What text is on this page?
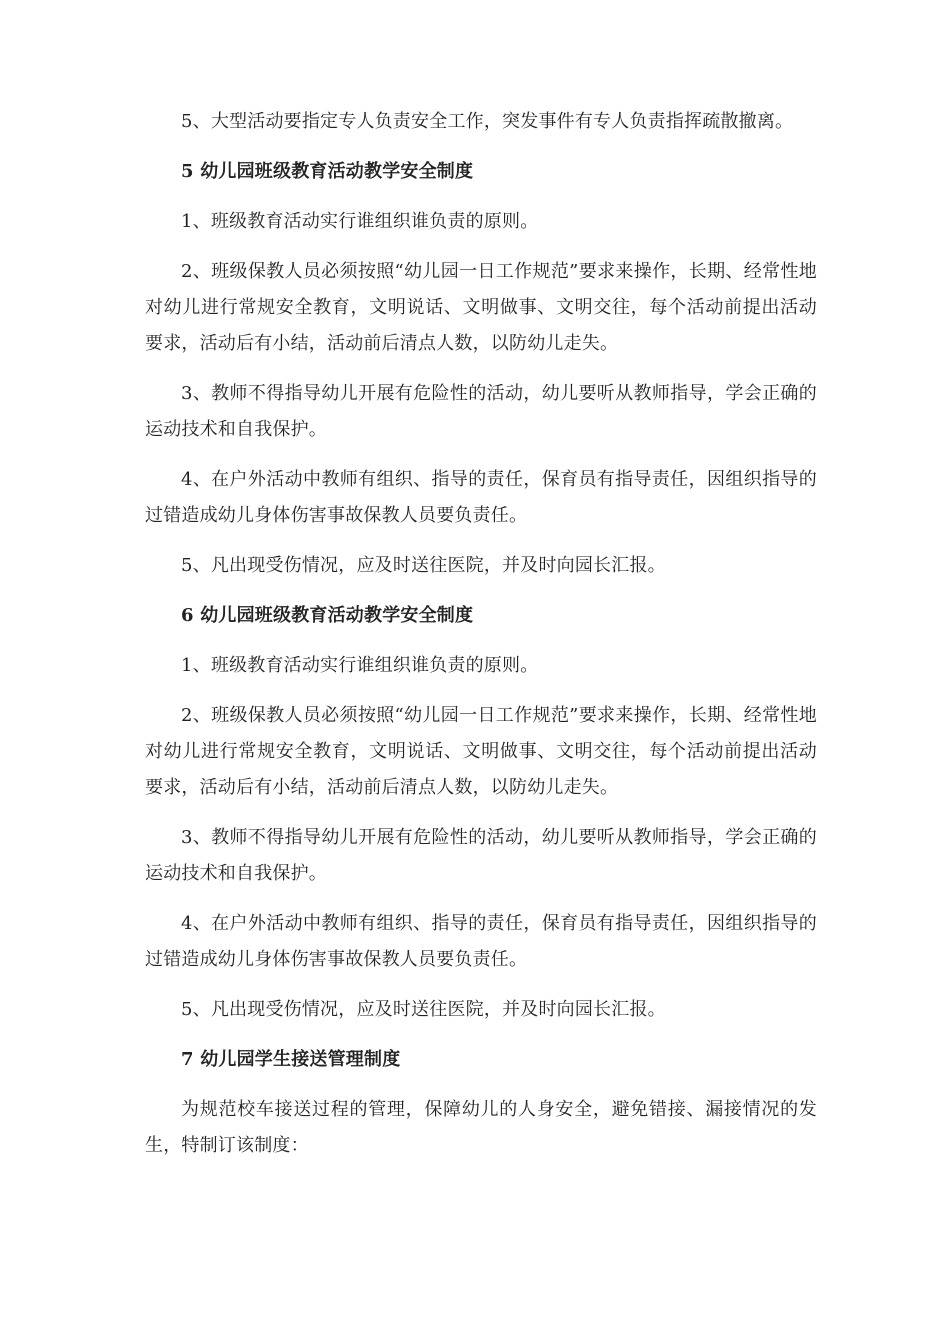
5、大型活动要指定专人负责安全工作，突发事件有专人负责指挥疏散撤离。

5 幼儿园班级教育活动教学安全制度

1、班级教育活动实行谁组织谁负责的原则。

2、班级保教人员必须按照“幼儿园一日工作规范”要求来操作，长期、经常性地对幼儿进行常规安全教育，文明说话、文明做事、文明交往，每个活动前提出活动要求，活动后有小结，活动前后清点人数，以防幼儿走失。

3、教师不得指导幼儿开展有危险性的活动，幼儿要听从教师指导，学会正确的运动技术和自我保护。

4、在户外活动中教师有组织、指导的责任，保育员有指导责任，因组织指导的过错造成幼儿身体伤害事故保教人员要负责任。

5、凡出现受伤情况，应及时送往医院，并及时向园长汇报。

6 幼儿园班级教育活动教学安全制度

1、班级教育活动实行谁组织谁负责的原则。

2、班级保教人员必须按照“幼儿园一日工作规范”要求来操作，长期、经常性地对幼儿进行常规安全教育，文明说话、文明做事、文明交往，每个活动前提出活动要求，活动后有小结，活动前后清点人数，以防幼儿走失。

3、教师不得指导幼儿开展有危险性的活动，幼儿要听从教师指导，学会正确的运动技术和自我保护。

4、在户外活动中教师有组织、指导的责任，保育员有指导责任，因组织指导的过错造成幼儿身体伤害事故保教人员要负责任。

5、凡出现受伤情况，应及时送往医院，并及时向园长汇报。

7 幼儿园学生接送管理制度

为规范校车接送过程的管理，保障幼儿的人身安全，避免错接、漏接情况的发生，特制订该制度：
